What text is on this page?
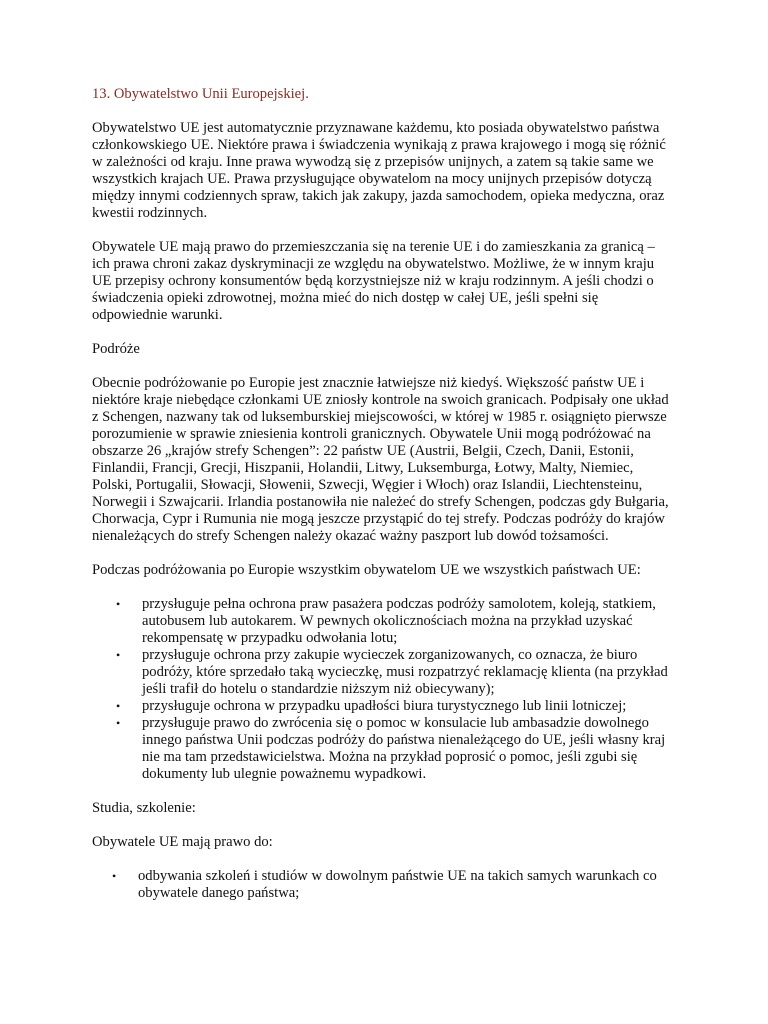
13. Obywatelstwo Unii Europejskiej.

Obywatelstwo UE jest automatycznie przyznawane każdemu, kto posiada obywatelstwo państwa członkowskiego UE. Niektóre prawa i świadczenia wynikają z prawa krajowego i mogą się różnić w zależności od kraju. Inne prawa wywodzą się z przepisów unijnych, a zatem są takie same we wszystkich krajach UE. Prawa przysługujące obywatelom na mocy unijnych przepisów dotyczą między innymi codziennych spraw, takich jak zakupy, jazda samochodem, opieka medyczna, oraz kwestii rodzinnych.

Obywatele UE mają prawo do przemieszczania się na terenie UE i do zamieszkania za granicą – ich prawa chroni zakaz dyskryminacji ze względu na obywatelstwo. Możliwe, że w innym kraju UE przepisy ochrony konsumentów będą korzystniejsze niż w kraju rodzinnym. A jeśli chodzi o świadczenia opieki zdrowotnej, można mieć do nich dostęp w całej UE, jeśli spełni się odpowiednie warunki.

Podróże

Obecnie podróżowanie po Europie jest znacznie łatwiejsze niż kiedyś. Większość państw UE i niektóre kraje niebędące członkami UE zniosły kontrole na swoich granicach. Podpisały one układ z Schengen, nazwany tak od luksemburskiej miejscowości, w której w 1985 r. osiągnięto pierwsze porozumienie w sprawie zniesienia kontroli granicznych. Obywatele Unii mogą podróżować na obszarze 26 „krajów strefy Schengen”: 22 państw UE (Austrii, Belgii, Czech, Danii, Estonii, Finlandii, Francji, Grecji, Hiszpanii, Holandii, Litwy, Luksemburga, Łotwy, Malty, Niemiec, Polski, Portugalii, Słowacji, Słowenii, Szwecji, Węgier i Włoch) oraz Islandii, Liechtensteinu, Norwegii i Szwajcarii. Irlandia postanowiła nie należeć do strefy Schengen, podczas gdy Bułgaria, Chorwacja, Cypr i Rumunia nie mogą jeszcze przystąpić do tej strefy. Podczas podróży do krajów nienależących do strefy Schengen należy okazać ważny paszport lub dowód tożsamości.

Podczas podróżowania po Europie wszystkim obywatelom UE we wszystkich państwach UE:

• przysługuje pełna ochrona praw pasażera podczas podróży samolotem, koleją, statkiem, autobusem lub autokarem. W pewnych okolicznościach można na przykład uzyskać rekompensatę w przypadku odwołania lotu;
• przysługuje ochrona przy zakupie wycieczek zorganizowanych, co oznacza, że biuro podróży, które sprzedało taką wycieczkę, musi rozpatrzyć reklamację klienta (na przykład jeśli trafił do hotelu o standardzie niższym niż obiecywany);
• przysługuje ochrona w przypadku upadłości biura turystycznego lub linii lotniczej;
• przysługuje prawo do zwrócenia się o pomoc w konsulacie lub ambasadzie dowolnego innego państwa Unii podczas podróży do państwa nienależącego do UE, jeśli własny kraj nie ma tam przedstawicielstwa. Można na przykład poprosić o pomoc, jeśli zgubi się dokumenty lub ulegnie poważnemu wypadkowi.

Studia, szkolenie:

Obywatele UE mają prawo do:

• odbywania szkoleń i studiów w dowolnym państwie UE na takich samych warunkach co obywatele danego państwa;
